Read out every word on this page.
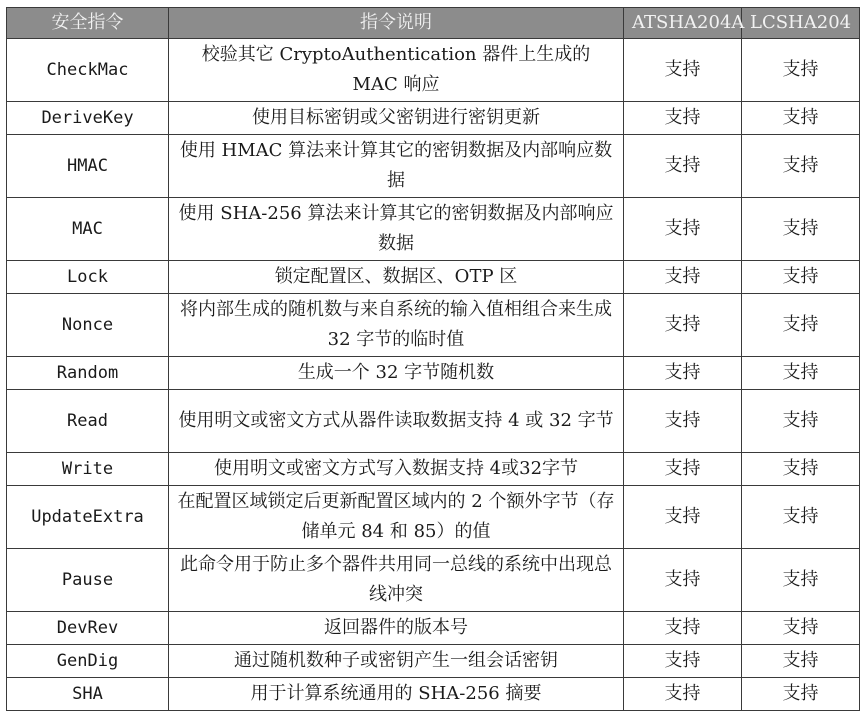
安全指令	指令说明	ATSHA204A	LCSHA204
CheckMac	校验其它 CryptoAuthentication 器件上生成的 MAC 响应	支持	支持
DeriveKey	使用目标密钥或父密钥进行密钥更新	支持	支持
HMAC	使用 HMAC 算法来计算其它的密钥数据及内部响应数据	支持	支持
MAC	使用 SHA-256 算法来计算其它的密钥数据及内部响应数据	支持	支持
Lock	锁定配置区、数据区、OTP 区	支持	支持
Nonce	将内部生成的随机数与来自系统的输入值相组合来生成 32 字节的临时值	支持	支持
Random	生成一个 32 字节随机数	支持	支持
Read	使用明文或密文方式从器件读取数据支持 4 或 32 字节	支持	支持
Write	使用明文或密文方式写入数据支持 4或32字节	支持	支持
UpdateExtra	在配置区域锁定后更新配置区域内的 2 个额外字节（存储单元 84 和 85）的值	支持	支持
Pause	此命令用于防止多个器件共用同一总线的系统中出现总线冲突	支持	支持
DevRev	返回器件的版本号	支持	支持
GenDig	通过随机数种子或密钥产生一组会话密钥	支持	支持
SHA	用于计算系统通用的 SHA-256 摘要	支持	支持
